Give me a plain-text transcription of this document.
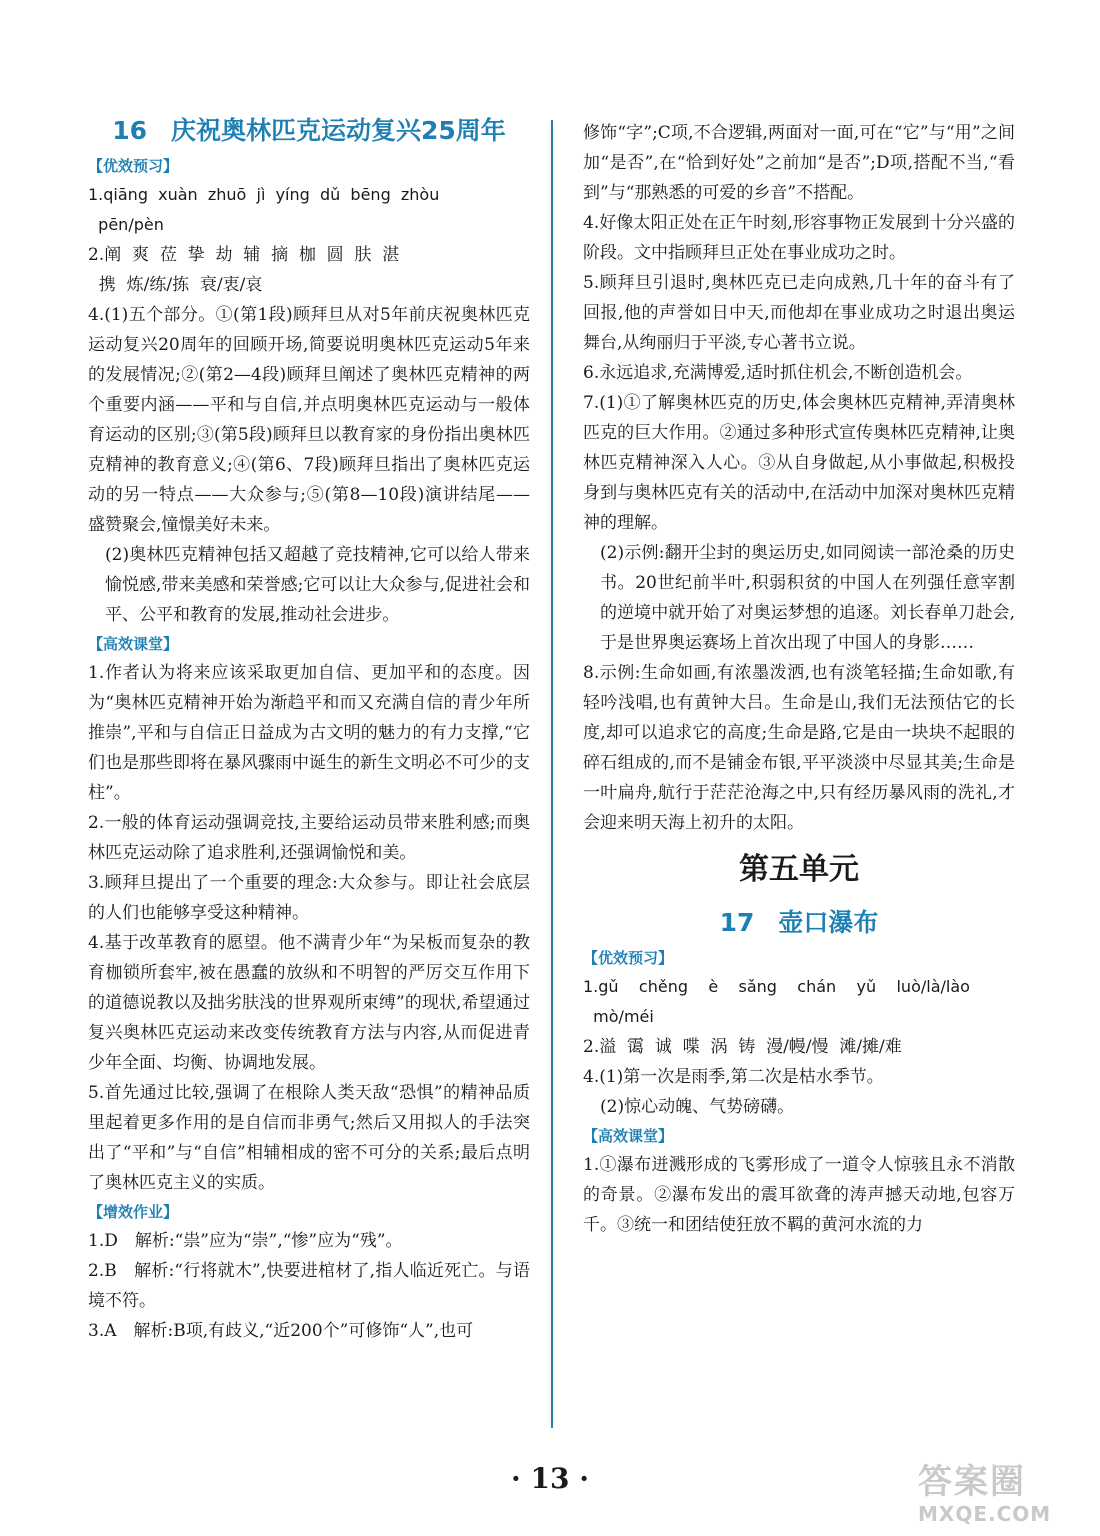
16 庆祝奥林匹克运动复兴25周年
【优效预习】

1.qiāng  xuàn  zhuō  jì  yíng  dǔ  bēng  zhòu

pēn/pèn

2.阐  爽  莅  挚  劫  辅  摘  枷  圆  肤  湛

携  炼/练/拣  衰/衷/哀

4.(1)五个部分。①(第1段)顾拜旦从对5年前庆祝奥林匹克运动复兴20周年的回顾开场,简要说明奥林匹克运动5年来的发展情况;②(第2—4段)顾拜旦阐述了奥林匹克精神的两个重要内涵——平和与自信,并点明奥林匹克运动与一般体育运动的区别;③(第5段)顾拜旦以教育家的身份指出奥林匹克精神的教育意义;④(第6、7段)顾拜旦指出了奥林匹克运动的另一特点——大众参与;⑤(第8—10段)演讲结尾——盛赞聚会,憧憬美好未来。

(2)奥林匹克精神包括又超越了竞技精神,它可以给人带来愉悦感,带来美感和荣誉感;它可以让大众参与,促进社会和平、公平和教育的发展,推动社会进步。

【高效课堂】

1.作者认为将来应该采取更加自信、更加平和的态度。因为“奥林匹克精神开始为渐趋平和而又充满自信的青少年所推崇”,平和与自信正日益成为古文明的魅力的有力支撑,“它们也是那些即将在暴风骤雨中诞生的新生文明必不可少的支柱”。

2.一般的体育运动强调竞技,主要给运动员带来胜利感;而奥林匹克运动除了追求胜利,还强调愉悦和美。

3.顾拜旦提出了一个重要的理念:大众参与。即让社会底层的人们也能够享受这种精神。

4.基于改革教育的愿望。他不满青少年“为呆板而复杂的教育枷锁所套牢,被在愚蠢的放纵和不明智的严厉交互作用下的道德说教以及拙劣肤浅的世界观所束缚”的现状,希望通过复兴奥林匹克运动来改变传统教育方法与内容,从而促进青少年全面、均衡、协调地发展。

5.首先通过比较,强调了在根除人类天敌“恐惧”的精神品质里起着更多作用的是自信而非勇气;然后又用拟人的手法突出了“平和”与“自信”相辅相成的密不可分的关系;最后点明了奥林匹克主义的实质。

【增效作业】

1.D　解析:“祟”应为“崇”,“惨”应为“残”。

2.B　解析:“行将就木”,快要进棺材了,指人临近死亡。与语境不符。

3.A　解析:B项,有歧义,“近200个”可修饰“人”,也可

修饰“字”;C项,不合逻辑,两面对一面,可在“它”与“用”之间加“是否”,在“恰到好处”之前加“是否”;D项,搭配不当,“看到”与“那熟悉的可爱的乡音”不搭配。

4.好像太阳正处在正午时刻,形容事物正发展到十分兴盛的阶段。文中指顾拜旦正处在事业成功之时。

5.顾拜旦引退时,奥林匹克已走向成熟,几十年的奋斗有了回报,他的声誉如日中天,而他却在事业成功之时退出奥运舞台,从绚丽归于平淡,专心著书立说。

6.永远追求,充满博爱,适时抓住机会,不断创造机会。

7.(1)①了解奥林匹克的历史,体会奥林匹克精神,弄清奥林匹克的巨大作用。②通过多种形式宣传奥林匹克精神,让奥林匹克精神深入人心。③从自身做起,从小事做起,积极投身到与奥林匹克有关的活动中,在活动中加深对奥林匹克精神的理解。

(2)示例:翻开尘封的奥运历史,如同阅读一部沧桑的历史书。20世纪前半叶,积弱积贫的中国人在列强任意宰割的逆境中就开始了对奥运梦想的追逐。刘长春单刀赴会,于是世界奥运赛场上首次出现了中国人的身影……

8.示例:生命如画,有浓墨泼洒,也有淡笔轻描;生命如歌,有轻吟浅唱,也有黄钟大吕。生命是山,我们无法预估它的长度,却可以追求它的高度;生命是路,它是由一块块不起眼的碎石组成的,而不是铺金布银,平平淡淡中尽显其美;生命是一叶扁舟,航行于茫茫沧海之中,只有经历暴风雨的洗礼,才会迎来明天海上初升的太阳。

第五单元
17 壶口瀑布
【优效预习】

1.gǔ    chěng    è    sǎng    chán    yǔ    luò/là/lào

mò/méi

2.溢  霭  诚  喋  涡  铸  漫/幔/慢  滩/摊/难

4.(1)第一次是雨季,第二次是枯水季节。

(2)惊心动魄、气势磅礴。

【高效课堂】

1.①瀑布迸溅形成的飞雾形成了一道令人惊骇且永不消散的奇景。②瀑布发出的震耳欲聋的涛声撼天动地,包容万千。③统一和团结使狂放不羁的黄河水流的力

· 13 ·	答案圈
MXQE.COM
